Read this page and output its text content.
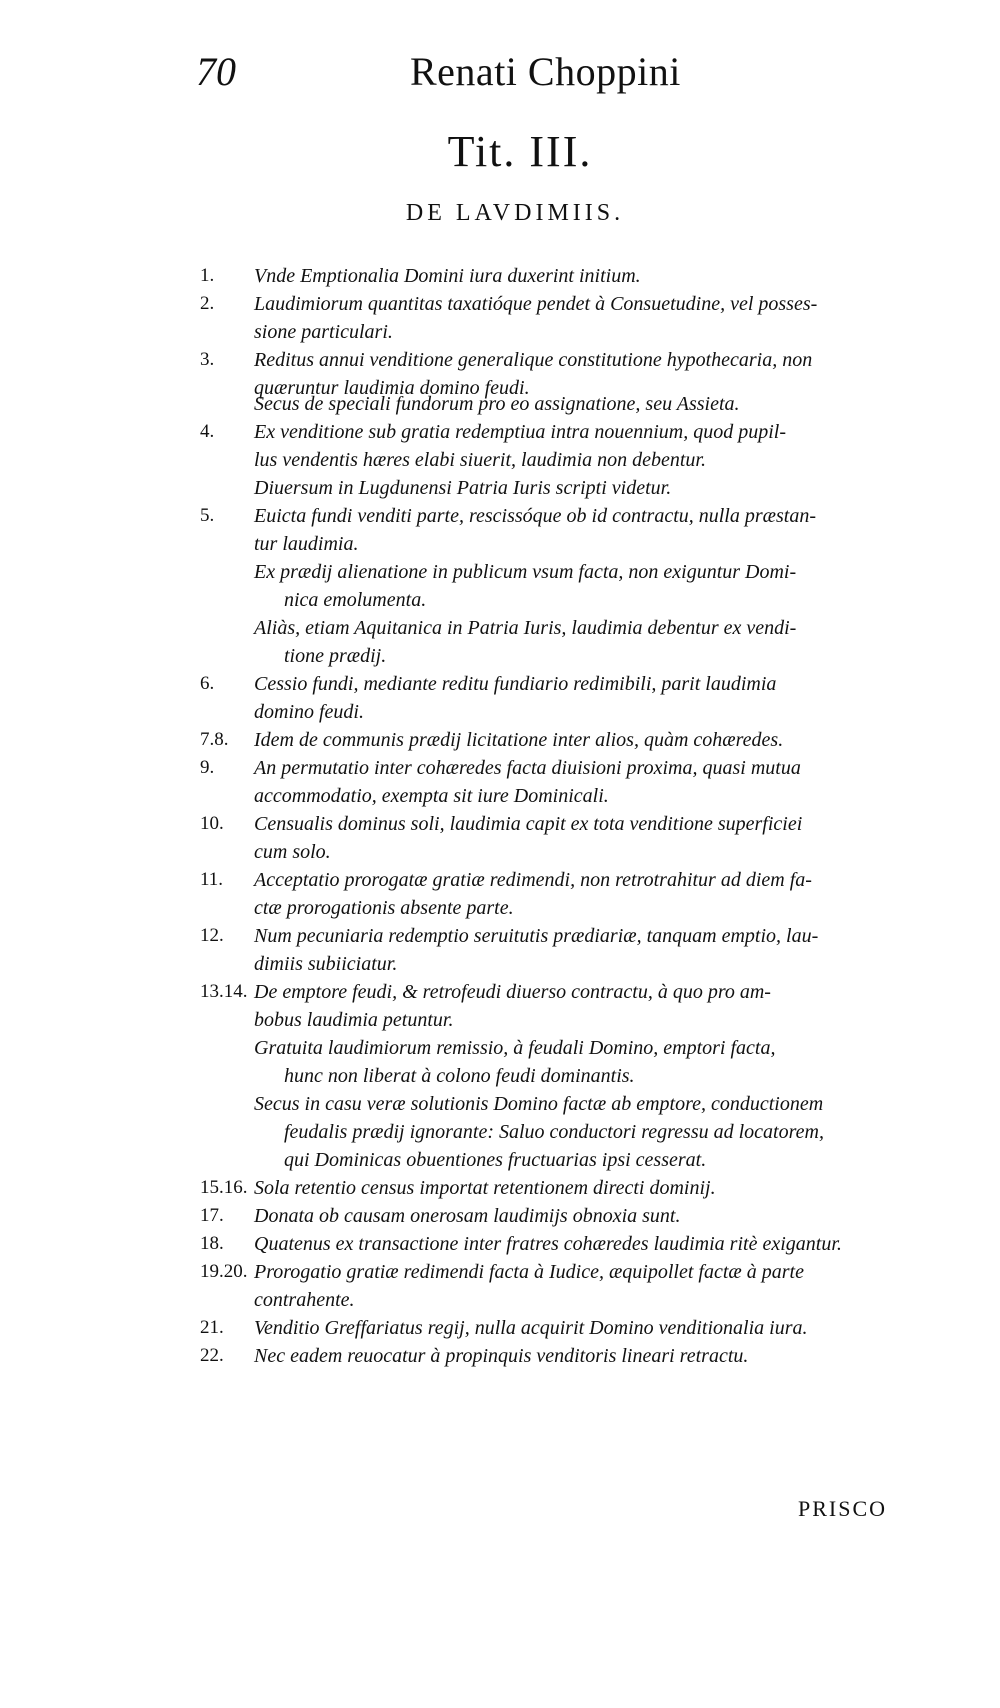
70	Renati Choppini
Tit. III.
DE LAVDIMIIS.
1. Vnde Emptionalia Domini iura duxerint initium.
2. Laudimiorum quantitas taxatióque pendet à Consuetudine, vel posses-
sione particulari.
3. Reditus annui venditione generalique constitutione hypothecaria, non
quæruntur laudimia domino feudi.
Secus de speciali fundorum pro eo assignatione, seu Assieta.
4. Ex venditione sub gratia redemptiua intra nouennium, quod pupil-
lus vendentis hæres elabi siuerit, laudimia non debentur.
Diuersum in Lugdunensi Patria Iuris scripti videtur.
5. Euicta fundi venditi parte, rescissóque ob id contractu, nulla præstan-
tur laudimia.
Ex prædij alienatione in publicum vsum facta, non exiguntur Domi-
nica emolumenta.
Aliàs, etiam Aquitanica in Patria Iuris, laudimia debentur ex vendi-
tione prædij.
6. Cessio fundi, mediante reditu fundiario redimibili, parit laudimia
domino feudi.
7.8. Idem de communis prædij licitatione inter alios, quàm cohæredes.
9. An permutatio inter cohæredes facta diuisioni proxima, quasi mutua
accommodatio, exempta sit iure Dominicali.
10. Censualis dominus soli, laudimia capit ex tota venditione superficiei
cum solo.
11. Acceptatio prorogatæ gratiæ redimendi, non retrotrahitur ad diem fa-
ctæ prorogationis absente parte.
12. Num pecuniaria redemptio seruitutis prædiariæ, tanquam emptio, lau-
dimiis subiiciatur.
13.14. De emptore feudi, & retrofeudi diuerso contractu, à quo pro am-
bobus laudimia petuntur.
Gratuita laudimiorum remissio, à feudali Domino, emptori facta,
hunc non liberat à colono feudi dominantis.
Secus in casu veræ solutionis Domino factæ ab emptore, conductionem
feudalis prædij ignorante: Saluo conductori regressu ad locatorem,
qui Dominicas obuentiones fructuarias ipsi cesserat.
15.16. Sola retentio census importat retentionem directi dominij.
17. Donata ob causam onerosam laudimijs obnoxia sunt.
18. Quatenus ex transactione inter fratres cohæredes laudimia ritè exigantur.
19.20. Prorogatio gratiæ redimendi facta à Iudice, æquipollet factæ à parte
contrahente.
21. Venditio Greffariatus regij, nulla acquirit Domino venditionalia iura.
22. Nec eadem reuocatur à propinquis venditoris lineari retractu.
PRISCO
